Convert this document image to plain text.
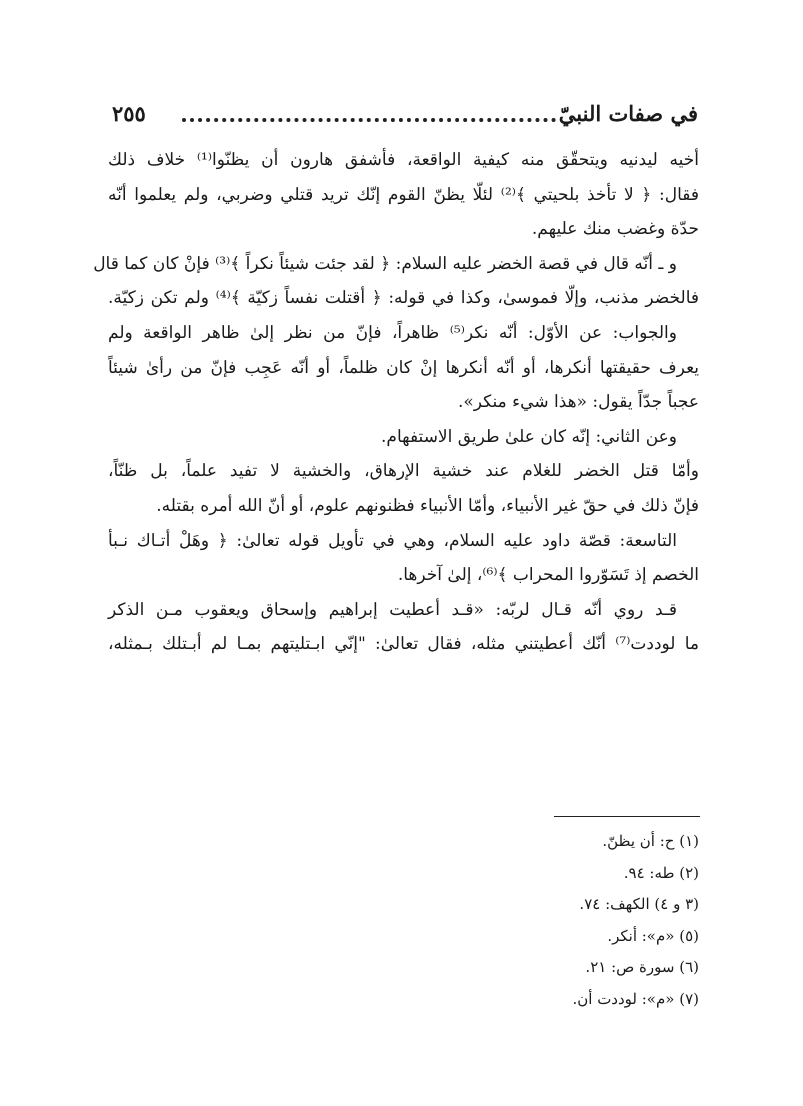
في صفات النبيّ
٢٥٥
أخيه ليدنيه ويتحقّق منه كيفية الواقعة، فأشفق هارون أن يظنّوا⁽¹⁾ خلاف ذلك
فقال: ﴿ لا تأخذ بلحيتي ﴾⁽²⁾ لئلّا يظنّ القوم إنّك تريد قتلي وضربي، ولم يعلموا أنّه
حدّة وغضب منك عليهم.
و ـ أنّه قال في قصة الخضر عليه السلام: ﴿ لقد جئت شيئاً نكراً ﴾⁽³⁾ فإنْ كان كما قال
فالخضر مذنب، وإلّا فموسىٰ، وكذا في قوله: ﴿ أقتلت نفساً زكيّة ﴾⁽⁴⁾ ولم تكن زكيّة.
والجواب: عن الأوّل: أنّه نكر⁽⁵⁾ ظاهراً، فإنّ من نظر إلىٰ ظاهر الواقعة ولم
يعرف حقيقتها أنكرها، أو أنّه أنكرها إنْ كان ظلماً، أو أنّه عَجِب فإنّ من رأىٰ شيئاً
عجباً جدّاً يقول: «هذا شيء منكر».
وعن الثاني: إنّه كان علىٰ طريق الاستفهام.
وأمّا قتل الخضر للغلام عند خشية الإرهاق، والخشية لا تفيد علماً، بل ظنّاً،
فإنّ ذلك في حقّ غير الأنبياء، وأمّا الأنبياء فظنونهم علوم، أو أنّ الله أمره بقتله.
التاسعة: قصّة داود عليه السلام، وهي في تأويل قوله تعالىٰ: ﴿ وهَلْ أتـاك نـبأ
الخصم إذ تَسَوّروا المحراب ﴾⁽⁶⁾، إلىٰ آخرها.
قـد روي أنّه قـال لربّه: «قـد أعطيت إبراهيم وإسحاق ويعقوب مـن الذكر
ما لوددت⁽⁷⁾ أنّك أعطيتني مثله، فقال تعالىٰ: "إنّي ابـتليتهم بمـا لم أبـتلك بـمثله،
(١) ح: أن يظنّ.
(٢) طه: ٩٤.
(٣ و ٤) الكهف: ٧٤.
(٥) «م»: أنكر.
(٦) سورة ص: ٢١.
(٧) «م»: لوددت أن.
